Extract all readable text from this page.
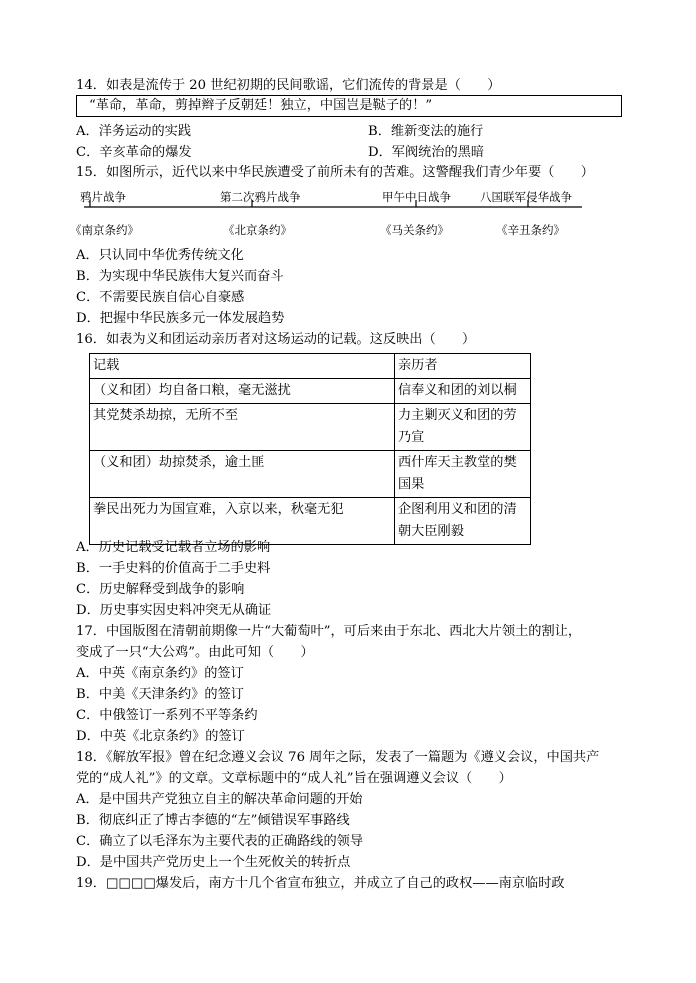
14．如表是流传于 20 世纪初期的民间歌谣，它们流传的背景是（　　）
“革命，革命，剪掉辫子反朝廷！独立，中国岂是鞑子的！”
A．洋务运动的实践	B．维新变法的施行
C．辛亥革命的爆发	D．军阀统治的黑暗
15．如图所示，近代以来中华民族遭受了前所未有的苦难。这警醒我们青少年要（　　）
鸦片战争	第二次鸦片战争	甲午中日战争	八国联军侵华战争
《南京条约》	《北京条约》	《马关条约》	《辛丑条约》
A．只认同中华优秀传统文化
B．为实现中华民族伟大复兴而奋斗
C．不需要民族自信心自豪感
D．把握中华民族多元一体发展趋势
16．如表为义和团运动亲历者对这场运动的记载。这反映出（　　）
记载	亲历者
（义和团）均自备口粮，毫无滋扰	信奉义和团的刘以桐
其党焚杀劫掠，无所不至	力主剿灭义和团的劳乃宣
（义和团）劫掠焚杀，逾土匪	西什库天主教堂的樊国果
拳民出死力为国宣难，入京以来，秋毫无犯	企图利用义和团的清朝大臣刚毅
A．历史记载受记载者立场的影响
B．一手史料的价值高于二手史料
C．历史解释受到战争的影响
D．历史事实因史料冲突无从确证
17．中国版图在清朝前期像一片“大葡萄叶”，可后来由于东北、西北大片领土的割让，
变成了一只“大公鸡”。由此可知（　　）
A．中英《南京条约》的签订
B．中美《天津条约》的签订
C．中俄签订一系列不平等条约
D．中英《北京条约》的签订
18．《解放军报》曾在纪念遵义会议 76 周年之际，发表了一篇题为《遵义会议，中国共产
党的“成人礼”》的文章。文章标题中的“成人礼”旨在强调遵义会议（　　）
A．是中国共产党独立自主的解决革命问题的开始
B．彻底纠正了博古李德的“左”倾错误军事路线
C．确立了以毛泽东为主要代表的正确路线的领导
D．是中国共产党历史上一个生死攸关的转折点
19．□□□□爆发后，南方十几个省宣布独立，并成立了自己的政权——南京临时政
